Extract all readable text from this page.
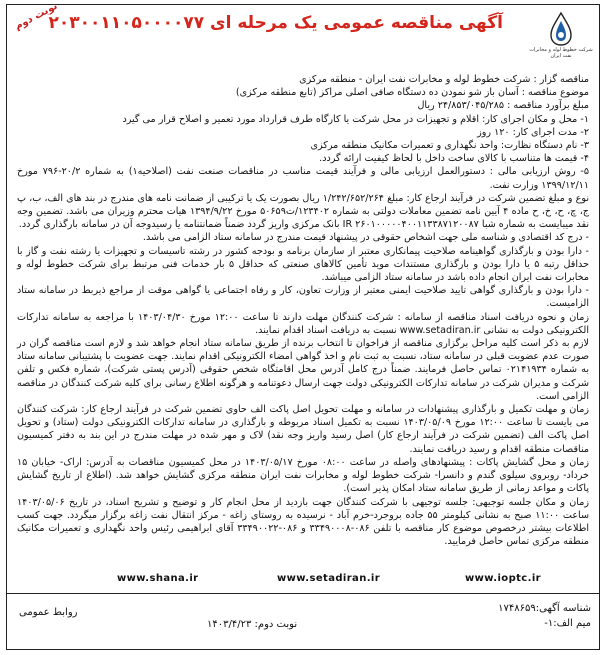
نوبت دوم
آگهی مناقصه عمومی یک مرحله ای ۲۰۳۰۰۱۱۰۵۰۰۰۰۷۷
شرکت خطوط لوله و مخابرات نفت ایران

مناقصه گزار : شرکت خطوط لوله و مخابرات نفت ایران - منطقه مرکزی

موضوع مناقصه : آسان باز شو نمودن ده دستگاه صافی اصلی مراکز (تابع منطقه مرکزی)

مبلغ برآورد مناقصه : ۲۴/۸۵۳/۰۴۵/۲۸۵ ریال

۱- محل و مکان اجرای کار: اقلام و تجهیزات در محل شرکت یا کارگاه طرف قرارداد مورد تعمیر و اصلاح قرار می گیرد

۲- مدت اجرای کار: ۱۲۰ روز

۳- نام دستگاه نظارت: واحد نگهداری و تعمیرات مکانیک منطقه مرکزی

۴- قیمت ها متناسب با کالای ساخت داخل با لحاظ کیفیت ارائه گردد.

۵- روش ارزیابی مالی : دستورالعمل ارزیابی مالی و فرآیند قیمت مناسب در مناقصات صنعت نفت (اصلاحیه۱) به شماره ۲۰/۲-۷۹۶ مورخ ۱۳۹۹/۱۲/۱۱ وزارت نفت.

نوع و مبلغ تضمین شرکت در فرآیند ارجاع کار: مبلغ ۱/۲۴۲/۶۵۲/۲۶۴ ریال بصورت یک یا ترکیبی از ضمانت نامه های مندرج در بند های الف، ب، پ ج، چ، ح، خ، ح ماده ۴ آیین نامه تضمین معاملات دولتی به شماره ۱۲۳۴۰۲/ت۵۰۶۵۹ مورخ ۱۳۹۴/۹/۲۲ هیات محترم وزیران می باشد. تضمین وجه نقد میبایست به شماره شبا IR ۲۶۰۱۰۰۰۰۰۴۰۰۱۱۳۳۸۷۱۲۰۰۸۷ بانک مرکزی واریز گردد ضمناً ضمانتنامه یا رسیدوجه آن در سامانه بارگذاری گردد.

- درج کد اقتصادی و شناسه ملی جهت اشخاص حقوقی در پیشنهاد قیمت مندرج در سامانه ستاد الزامی می باشد.

- دارا بودن و بارگذاری گواهینامه صلاحیت پیمانکاری معتبر از سازمان برنامه و بودجه کشور در رشته تاسیسات و تجهیزات یا رشته نفت و گاز با حداقل رتبه ۵ یا دارا بودن و بارگذاری مستندات موید تأمین کالاهای صنعتی که حداقل ۵ بار خدمات فنی مرتبط برای شرکت خطوط لوله و مخابرات نفت ایران انجام داده باشد در سامانه ستاد الزامی میباشد.

- دارا بودن و بارگذاری گواهی تایید صلاحیت ایمنی معتبر از وزارت تعاون، کار و رفاه اجتماعی یا گواهی موقت از مراجع ذیربط در سامانه ستاد الزامیست.

زمان و نحوه دریافت اسناد مناقصه از سامانه : شرکت کنندگان مهلت دارند تا ساعت ۱۲:۰۰ مورخ ۱۴۰۳/۰۴/۳۰ با مراجعه به سامانه تدارکات الکترونیکی دولت به نشانی www.setadiran.ir نسبت به دریافت اسناد اقدام نمایند.

لازم به ذکر است کلیه مراحل برگزاری مناقصه از فراخوان تا انتخاب برنده از طریق سامانه ستاد انجام خواهد شد و لازم است مناقصه گران در صورت عدم عضویت قبلی در سامانه ستاد، نسبت به ثبت نام و اخذ گواهی امضاء الکترونیکی اقدام نمایند. جهت عضویت با پشتیبانی سامانه ستاد به شماره ۰۲۱۴۱۹۳۴ تماس حاصل فرمایند. ضمناً درج کامل آدرس محل اقامتگاه شخص حقوقی (آدرس پستی شرکت)، شماره فکس و تلفن شرکت و مدیران شرکت در سامانه تدارکات الکترونیکی دولت جهت ارسال دعوتنامه و هرگونه اطلاع رسانی برای کلیه شرکت کنندگان در مناقصه الزامی است.

زمان و مهلت تکمیل و بارگذاری پیشنهادات در سامانه و مهلت تحویل اصل پاکت الف حاوی تضمین شرکت در فرآیند ارجاع کار: شرکت کنندگان می بایست تا ساعت ۱۲:۰۰ مورخ ۱۴۰۳/۰۵/۰۹ نسبت به تکمیل اسناد مربوطه و بارگذاری در سامانه تدارکات الکترونیکی دولت (ستاد) و تحویل اصل پاکت الف (تضمین شرکت در فرآیند ارجاع کار) اصل رسید واریز وجه نقد) لاک و مهر شده در مهلت مندرج در این بند به دفتر کمیسیون مناقصات منطقه اقدام و رسید دریافت نمایند.

زمان و محل گشایش پاکات : پیشنهادهای واصله در ساعت ۰۸:۰۰ مورخ ۱۴۰۳/۰۵/۱۷ در محل کمیسیون مناقصات به آدرس: اراک- خیابان ۱۵ خرداد- روبروی سیلوی گندم و دانسرا- شرکت خطوط لوله و مخابرات نفت ایران منطقه مرکزی گشایش خواهد شد. (اطلاع از تاریخ گشایش پاکات و مواعد زمانی از طریق سامانه ستاد امکان پذیر است).

زمان و مکان جلسه توجیهی: جلسه توجیهی با شرکت کنندگان جهت بازدید از محل انجام کار و توضیح و تشریح اسناد، در تاریخ ۱۴۰۳/۰۵/۰۶ ساعت ۱۱:۰۰ صبح به نشانی کیلومتر ۵۵ جاده بروجرد-خرم آباد - نرسیده به روستای زاغه - مرکز انتقال نفت زاغه برگزار میگردد. جهت کسب اطلاعات بیشتر درخصوص موضوع کار مناقصه با تلفن ۰۸۶-۳۳۴۹۰۰۰۸ و ۰۸۶-۳۳۴۹۰۰۲۲ آقای ابراهیمی رئیس واحد نگهداری و تعمیرات مکانیک منطقه مرکزی تماس حاصل فرمایید.

www.shana.ir	www.setadiran.ir	www.ioptc.ir
شناسه آگهی:۱۷۴۸۶۵۹
میم الف:۱-
نوبت دوم: ۱۴۰۳/۴/۲۳
روابط عمومی
